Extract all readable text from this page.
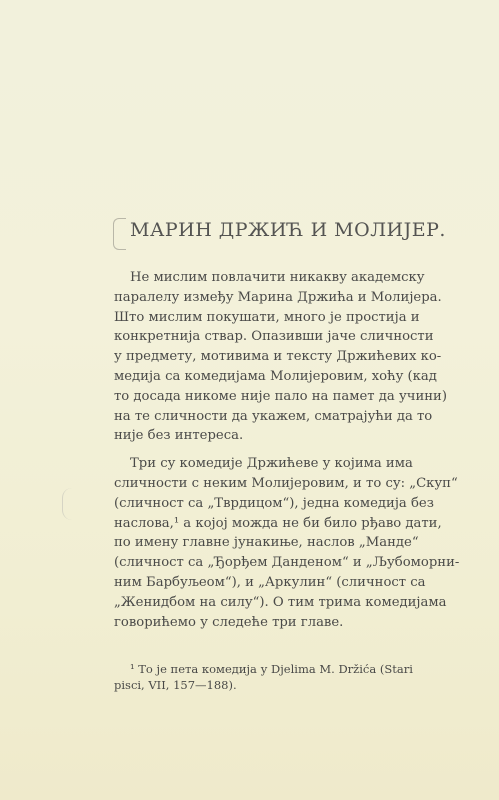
МАРИН ДРЖИЋ И МОЛИЈЕР.

Не мислим повлачити никакву академску
паралелу између Марина Држића и Молијера.
Што мислим покушати, много је простија и
конкретнија ствар. Опазивши јаче сличности
у предмету, мотивима и тексту Држићевих ко-
медија са комедијама Молијеровим, хоћу (кад
то досада никоме није пало на памет да учини)
на те сличности да укажем, сматрајући да то
није без интереса.

Три су комедије Држићеве у којима има
сличности с неким Молијеровим, и то су: „Скуп“
(сличност са „Тврдицом“), једна комедија без
наслова,¹ а којој можда не би било рђаво дати,
по имену главне јунакиње, наслов „Манде“
(сличност са „Ђорђем Данденом“ и „Љубоморни-
ним Барбуљеом“), и „Аркулин“ (сличност са
„Женидбом на силу“). О тим трима комедијама
говорићемо у следеће три главе.

¹ То је пета комедија у Djelima M. Držića (Stari
pisci, VII, 157—188).
